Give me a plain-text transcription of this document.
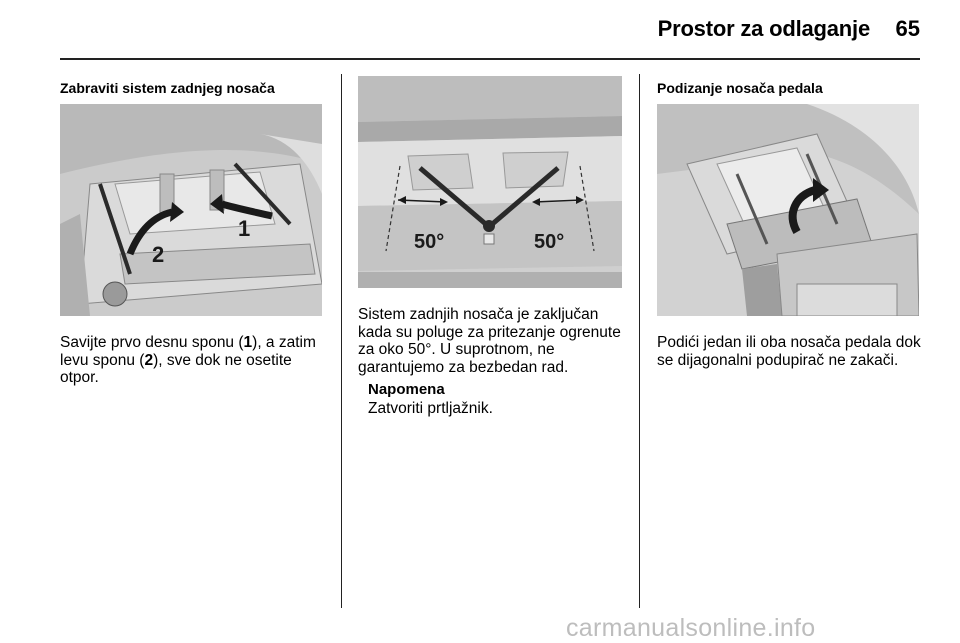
Prostor za odlaganje	65
Zabraviti sistem zadnjeg nosača
1
2
Savijte prvo desnu sponu (1), a zatim levu sponu (2), sve dok ne osetite otpor.
50°	50°
Sistem zadnjih nosača je zaključan kada su poluge za pritezanje ogrenute za oko 50°. U suprotnom, ne garantujemo za bezbedan rad.
Napomena
Zatvoriti prtljažnik.
Podizanje nosača pedala
Podići jedan ili oba nosača pedala dok se dijagonalni podupirač ne zakači.
carmanualsonline.info
